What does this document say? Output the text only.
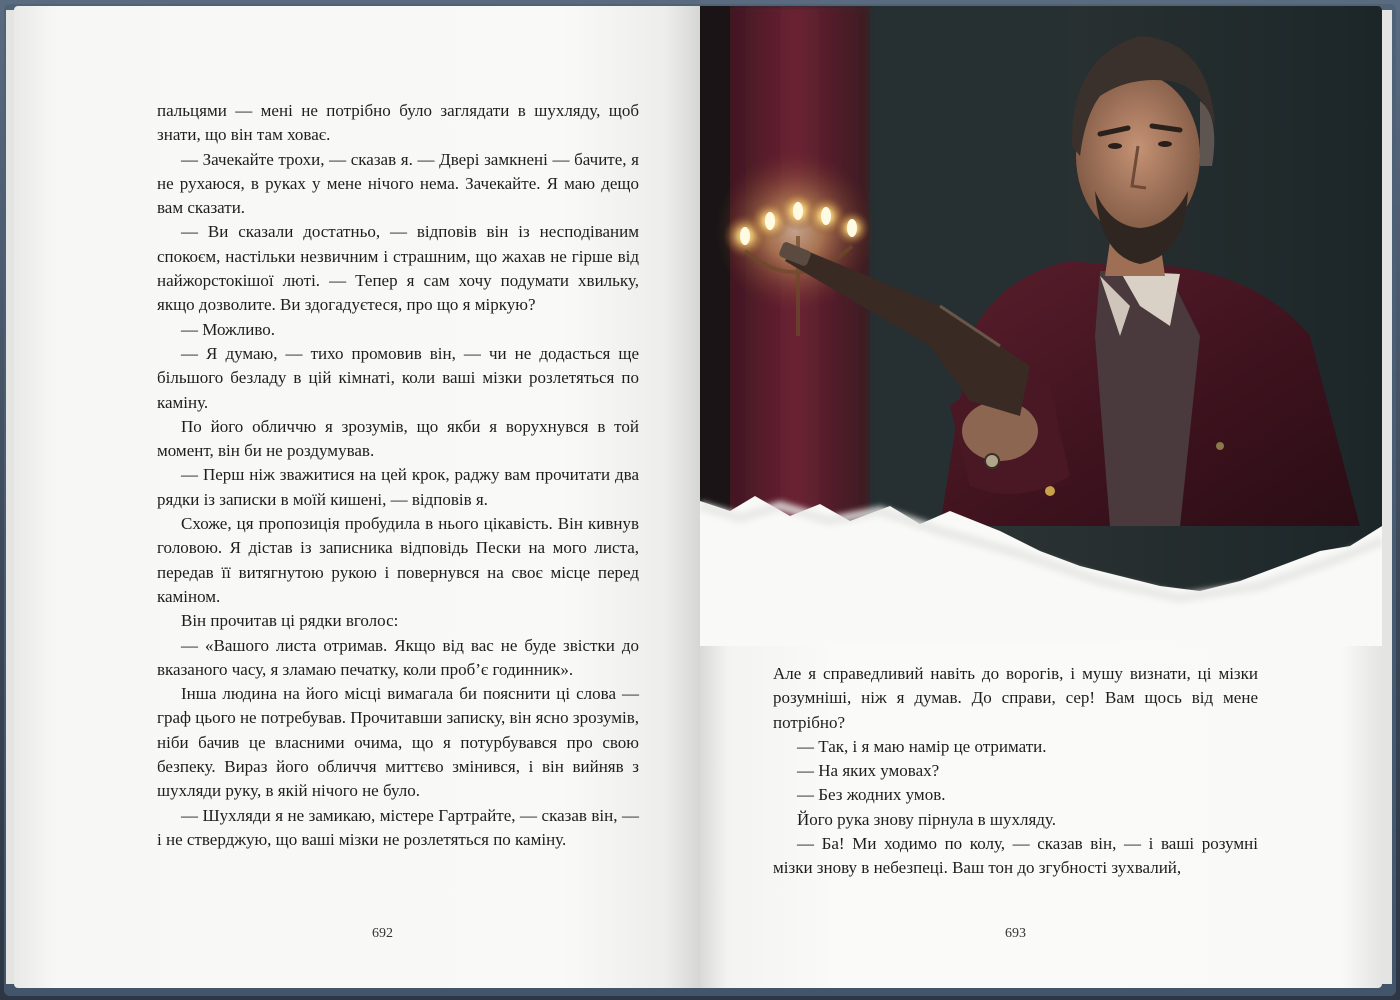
пальцями — мені не потрібно було заглядати в шухляду, щоб знати, що він там ховає.

— Зачекайте трохи, — сказав я. — Двері замкнені — бачите, я не рухаюся, в руках у мене нічого нема. Зачекайте. Я маю дещо вам сказати.

— Ви сказали достатньо, — відповів він із несподіваним спокоєм, настільки незвичним і страшним, що жахав не гірше від найжорстокішої люті. — Тепер я сам хочу подумати хвильку, якщо дозволите. Ви здогадуєтеся, про що я міркую?

— Можливо.

— Я думаю, — тихо промовив він, — чи не додасться ще більшого безладу в цій кімнаті, коли ваші мізки розлетяться по каміну.

По його обличчю я зрозумів, що якби я ворухнувся в той момент, він би не роздумував.

— Перш ніж зважитися на цей крок, раджу вам прочитати два рядки із записки в моїй кишені, — відповів я.

Схоже, ця пропозиція пробудила в нього цікавість. Він кивнув головою. Я дістав із записника відповідь Пески на мого листа, передав її витягнутою рукою і повернувся на своє місце перед каміном.

Він прочитав ці рядки вголос:

— «Вашого листа отримав. Якщо від вас не буде звістки до вказаного часу, я зламаю печатку, коли проб’є годинник».

Інша людина на його місці вимагала би пояснити ці слова — граф цього не потребував. Прочитавши записку, він ясно зрозумів, ніби бачив це власними очима, що я потурбувався про свою безпеку. Вираз його обличчя миттєво змінився, і він вийняв з шухляди руку, в якій нічого не було.

— Шухляди я не замикаю, містере Гартрайте, — сказав він, — і не стверджую, що ваші мізки не розлетяться по каміну.

692

Але я справедливий навіть до ворогів, і мушу визнати, ці мізки розумніші, ніж я думав. До справи, сер! Вам щось від мене потрібно?

— Так, і я маю намір це отримати.

— На яких умовах?

— Без жодних умов.

Його рука знову пірнула в шухляду.

— Ба! Ми ходимо по колу, — сказав він, — і ваші розумні мізки знову в небезпеці. Ваш тон до згубності зухвалий,

693
